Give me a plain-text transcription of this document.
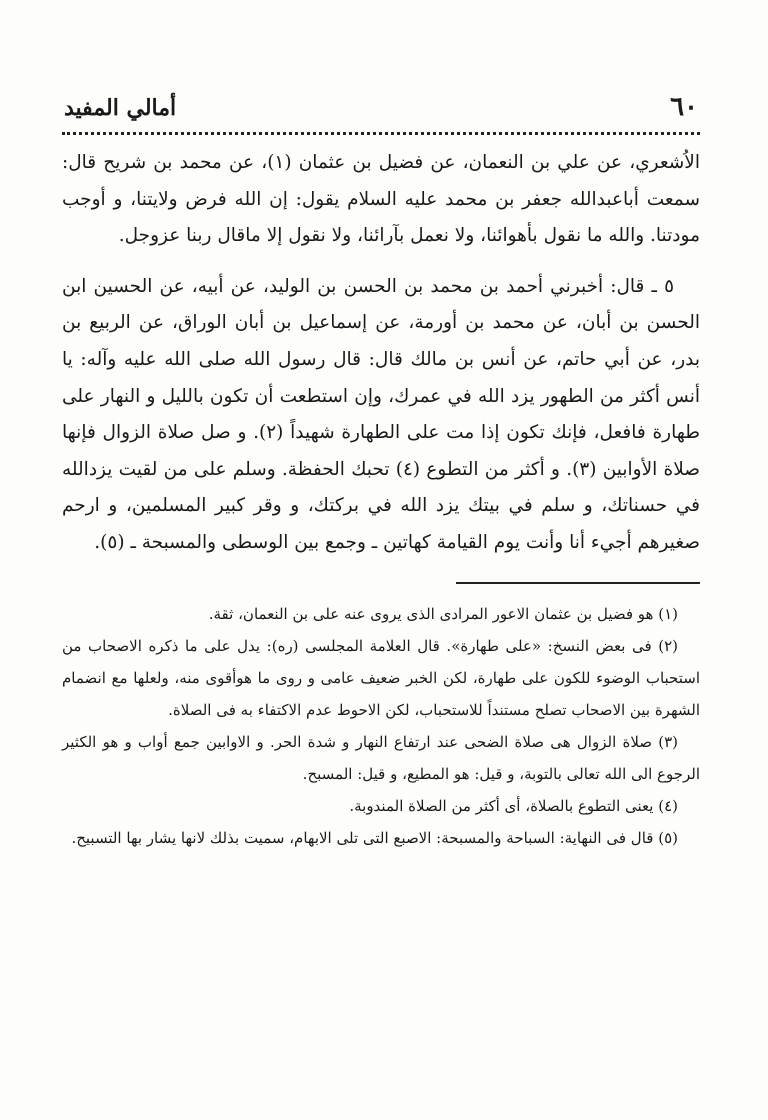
٦٠
أمالي المفيد

الاُشعري، عن علي بن النعمان، عن فضيل بن عثمان (١)، عن محمد بن شريح قال: سمعت أباعبدالله جعفر بن محمد عليه السلام يقول: إن الله فرض ولايتنا، و أوجب مودتنا. والله ما نقول بأهوائنا، ولا نعمل بآرائنا، ولا نقول إلا ماقال ربنا عزوجل.

٥ ـ قال: أخبرني أحمد بن محمد بن الحسن بن الوليد، عن أبيه، عن الحسين ابن الحسن بن أبان، عن محمد بن أورمة، عن إسماعيل بن أبان الوراق، عن الربيع بن بدر، عن أبي حاتم، عن أنس بن مالك قال: قال رسول الله صلى الله عليه وآله: يا أنس أكثر من الطهور يزد الله في عمرك، وإن استطعت أن تكون بالليل و النهار على طهارة فافعل، فإنك تكون إذا مت على الطهارة شهيداً (٢). و صل صلاة الزوال فإنها صلاة الأوابين (٣). و أكثر من التطوع (٤) تحبك الحفظة. وسلم على من لقيت يزدالله في حسناتك، و سلم في بيتك يزد الله في بركتك، و وقر كبير المسلمين، و ارحم صغيرهم أجيء أنا وأنت يوم القيامة كهاتين ـ وجمع بين الوسطى والمسبحة ـ (٥).

(١) هو فضيل بن عثمان الاعور المرادى الذى يروى عنه على بن النعمان، ثقة.

(٢) فى بعض النسخ: «على طهارة». قال العلامة المجلسى (ره): يدل على ما ذكره الاصحاب من استحباب الوضوء للكون على طهارة، لكن الخبر ضعيف عامى و روى ما هوأقوى منه، ولعلها مع انضمام الشهرة بين الاصحاب تصلح مستنداً للاستحباب، لكن الاحوط عدم الاكتفاء به فى الصلاة.

(٣) صلاة الزوال هى صلاة الضحى عند ارتفاع النهار و شدة الحر. و الاوابين جمع أواب و هو الكثير الرجوع الى الله تعالى بالتوبة، و قيل: هو المطيع، و قيل: المسبح.

(٤) يعنى التطوع بالصلاة، أى أكثر من الصلاة المندوبة.

(٥) قال فى النهاية: السباحة والمسبحة: الاصبع التى تلى الابهام، سميت بذلك لانها يشار بها التسبيح.
